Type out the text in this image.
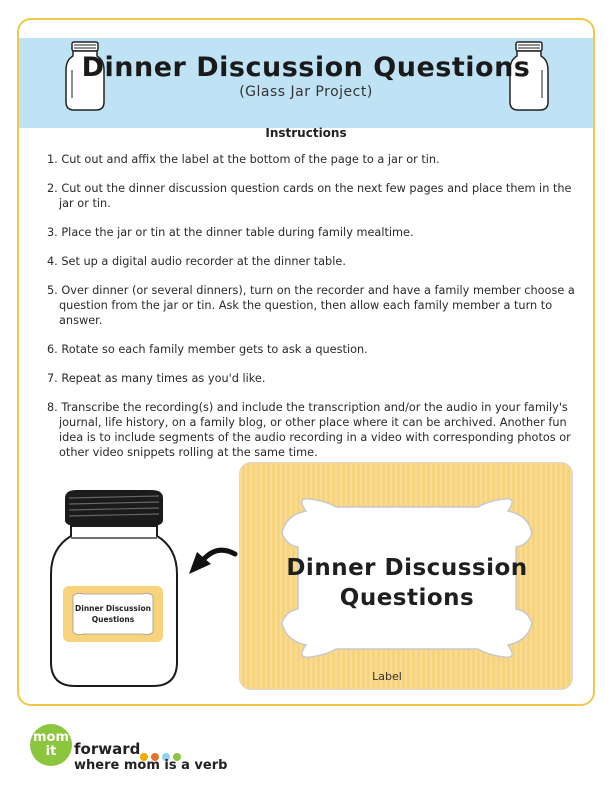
Dinner Discussion Questions
(Glass Jar Project)
Instructions
1. Cut out and affix the label at the bottom of the page to a jar or tin.
2. Cut out the dinner discussion question cards on the next few pages and place them in the jar or tin.
3. Place the jar or tin at the dinner table during family mealtime.
4. Set up a digital audio recorder at the dinner table.
5. Over dinner (or several dinners), turn on the recorder and have a family member choose a question from the jar or tin. Ask the question, then allow each family member a turn to answer.
6. Rotate so each family member gets to ask a question.
7. Repeat as many times as you'd like.
8. Transcribe the recording(s) and include the transcription and/or the audio in your family's journal, life history, on a family blog, or other place where it can be archived. Another fun idea is to include segments of the audio recording in a video with corresponding photos or other video snippets rolling at the same time.
Dinner Discussion
Questions
Dinner Discussion
Questions
Label
mom
it	forward
where mom is a verb
